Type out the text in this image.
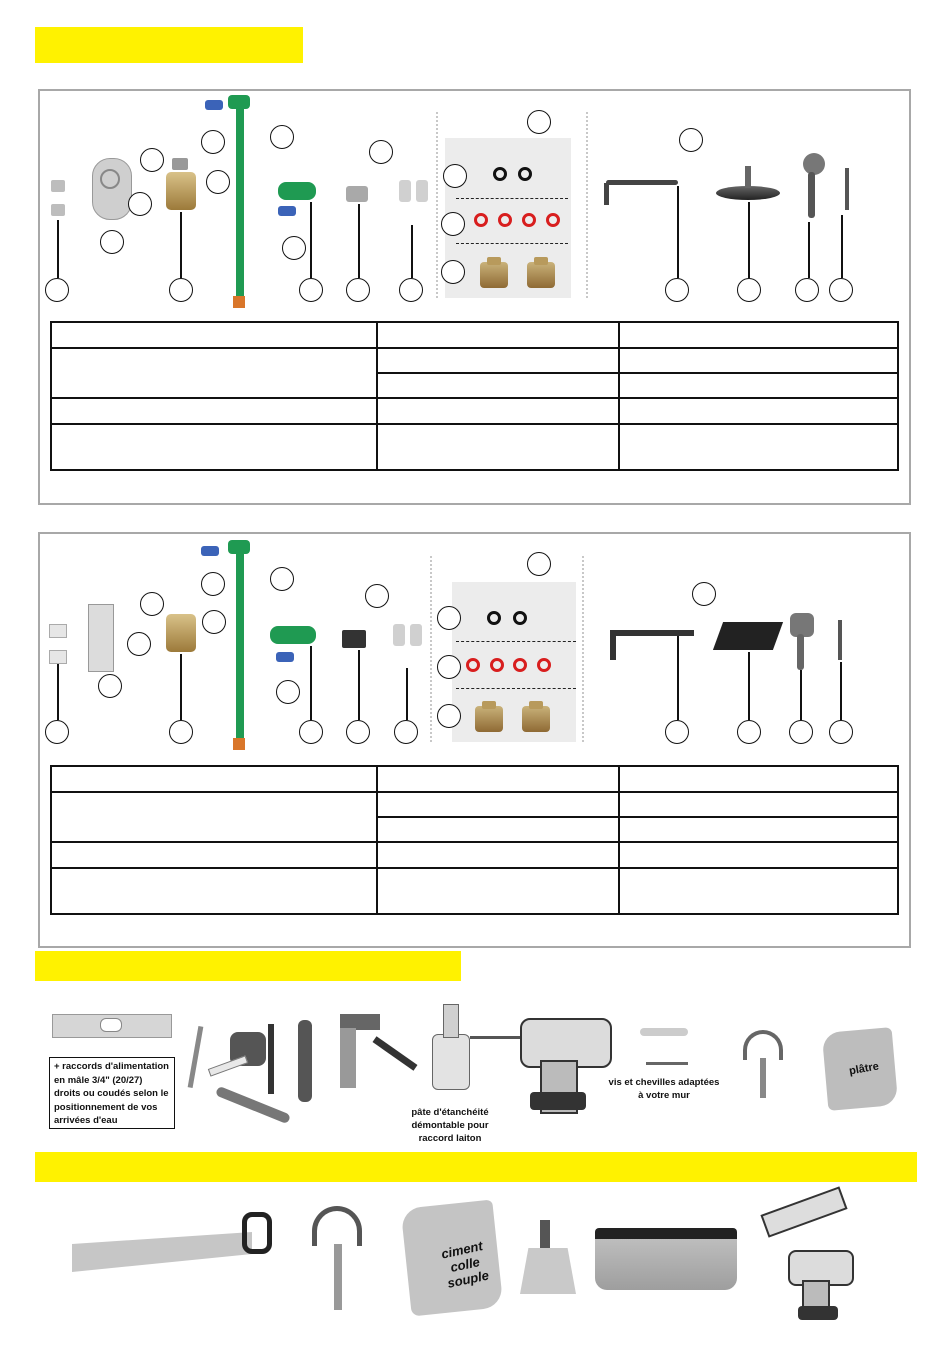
+ raccords d'alimentation en mâle 3/4" (20/27) droits ou coudés selon le positionnement de vos arrivées d'eau
pâte d'étanchéité démontable pour raccord laiton
vis et chevilles adaptées à votre mur
plâtre
ciment colle souple
